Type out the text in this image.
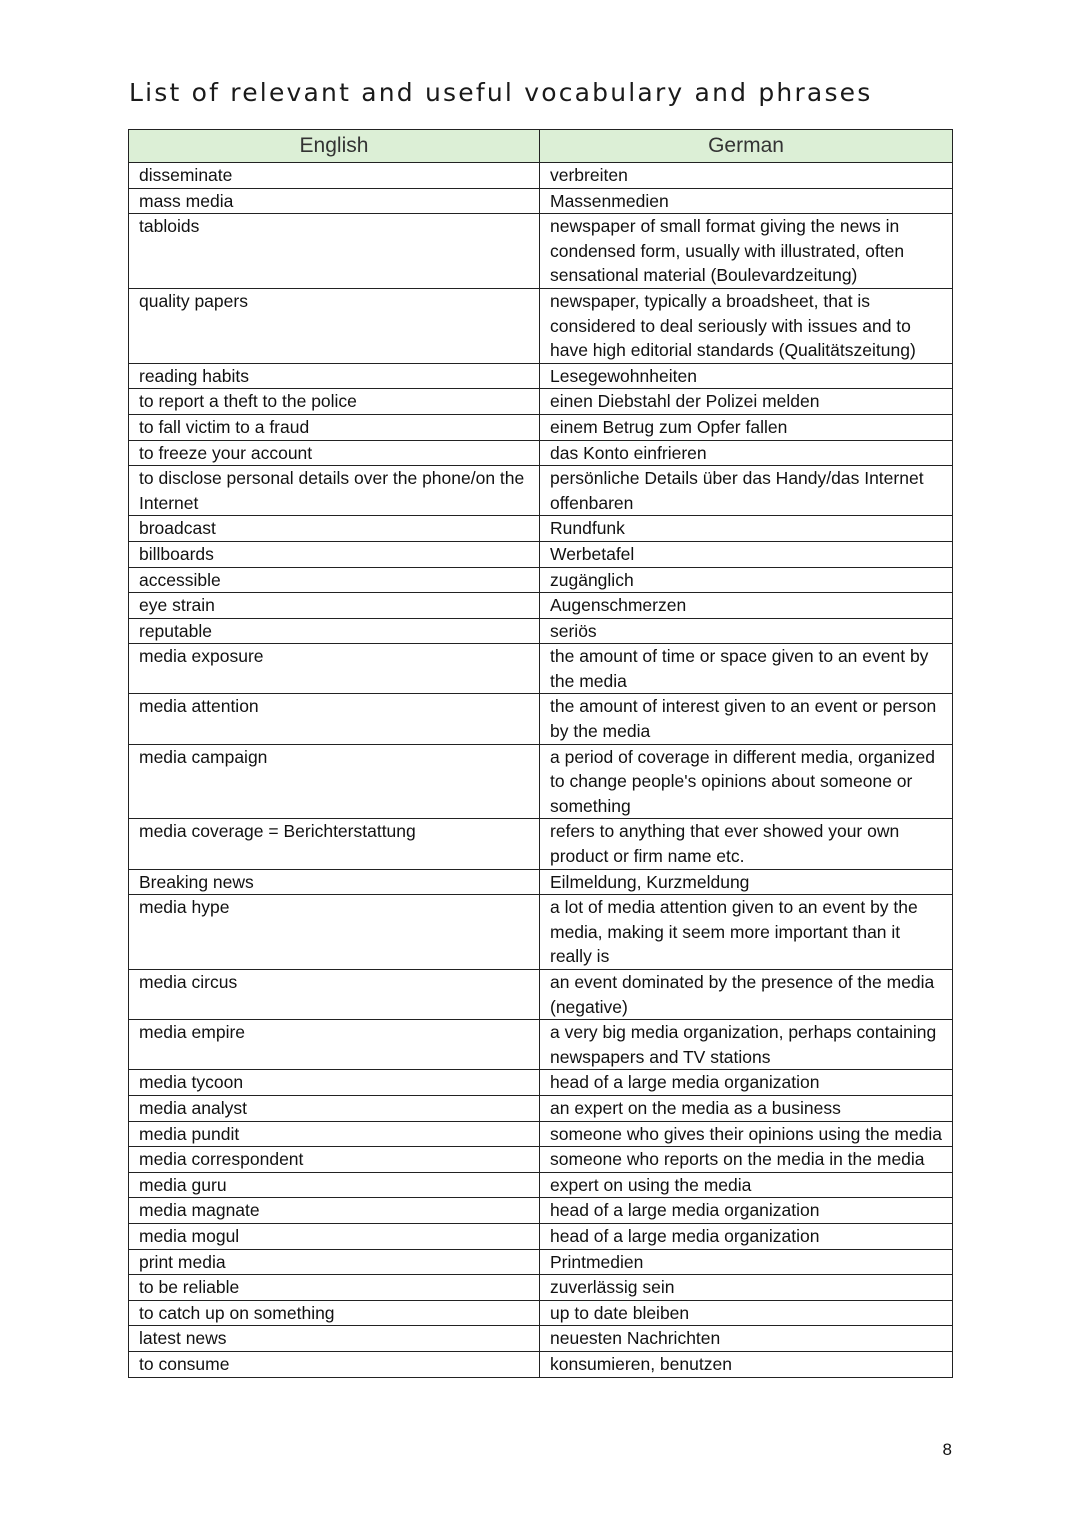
List of relevant and useful vocabulary and phrases
English	German
disseminate	verbreiten
mass media	Massenmedien
tabloids	newspaper of small format giving the news in condensed form, usually with illustrated, often sensational material (Boulevardzeitung)
quality papers	newspaper, typically a broadsheet, that is considered to deal seriously with issues and to have high editorial standards (Qualitätszeitung)
reading habits	Lesegewohnheiten
to report a theft to the police	einen Diebstahl der Polizei melden
to fall victim to a fraud	einem Betrug zum Opfer fallen
to freeze your account	das Konto einfrieren
to disclose personal details over the phone/on the Internet	persönliche Details über das Handy/das Internet offenbaren
broadcast	Rundfunk
billboards	Werbetafel
accessible	zugänglich
eye strain	Augenschmerzen
reputable	seriös
media exposure	the amount of time or space given to an event by the media
media attention	the amount of interest given to an event or person by the media
media campaign	a period of coverage in different media, organized to change people's opinions about someone or something
media coverage = Berichterstattung	refers to anything that ever showed your own product or firm name etc.
Breaking news	Eilmeldung, Kurzmeldung
media hype	a lot of media attention given to an event by the media, making it seem more important than it really is
media circus	an event dominated by the presence of the media (negative)
media empire	a very big media organization, perhaps containing newspapers and TV stations
media tycoon	head of a large media organization
media analyst	an expert on the media as a business
media pundit	someone who gives their opinions using the media
media correspondent	someone who reports on the media in the media
media guru	expert on using the media
media magnate	head of a large media organization
media mogul	head of a large media organization
print media	Printmedien
to be reliable	zuverlässig sein
to catch up on something	up to date bleiben
latest news	neuesten Nachrichten
to consume	konsumieren, benutzen
8
